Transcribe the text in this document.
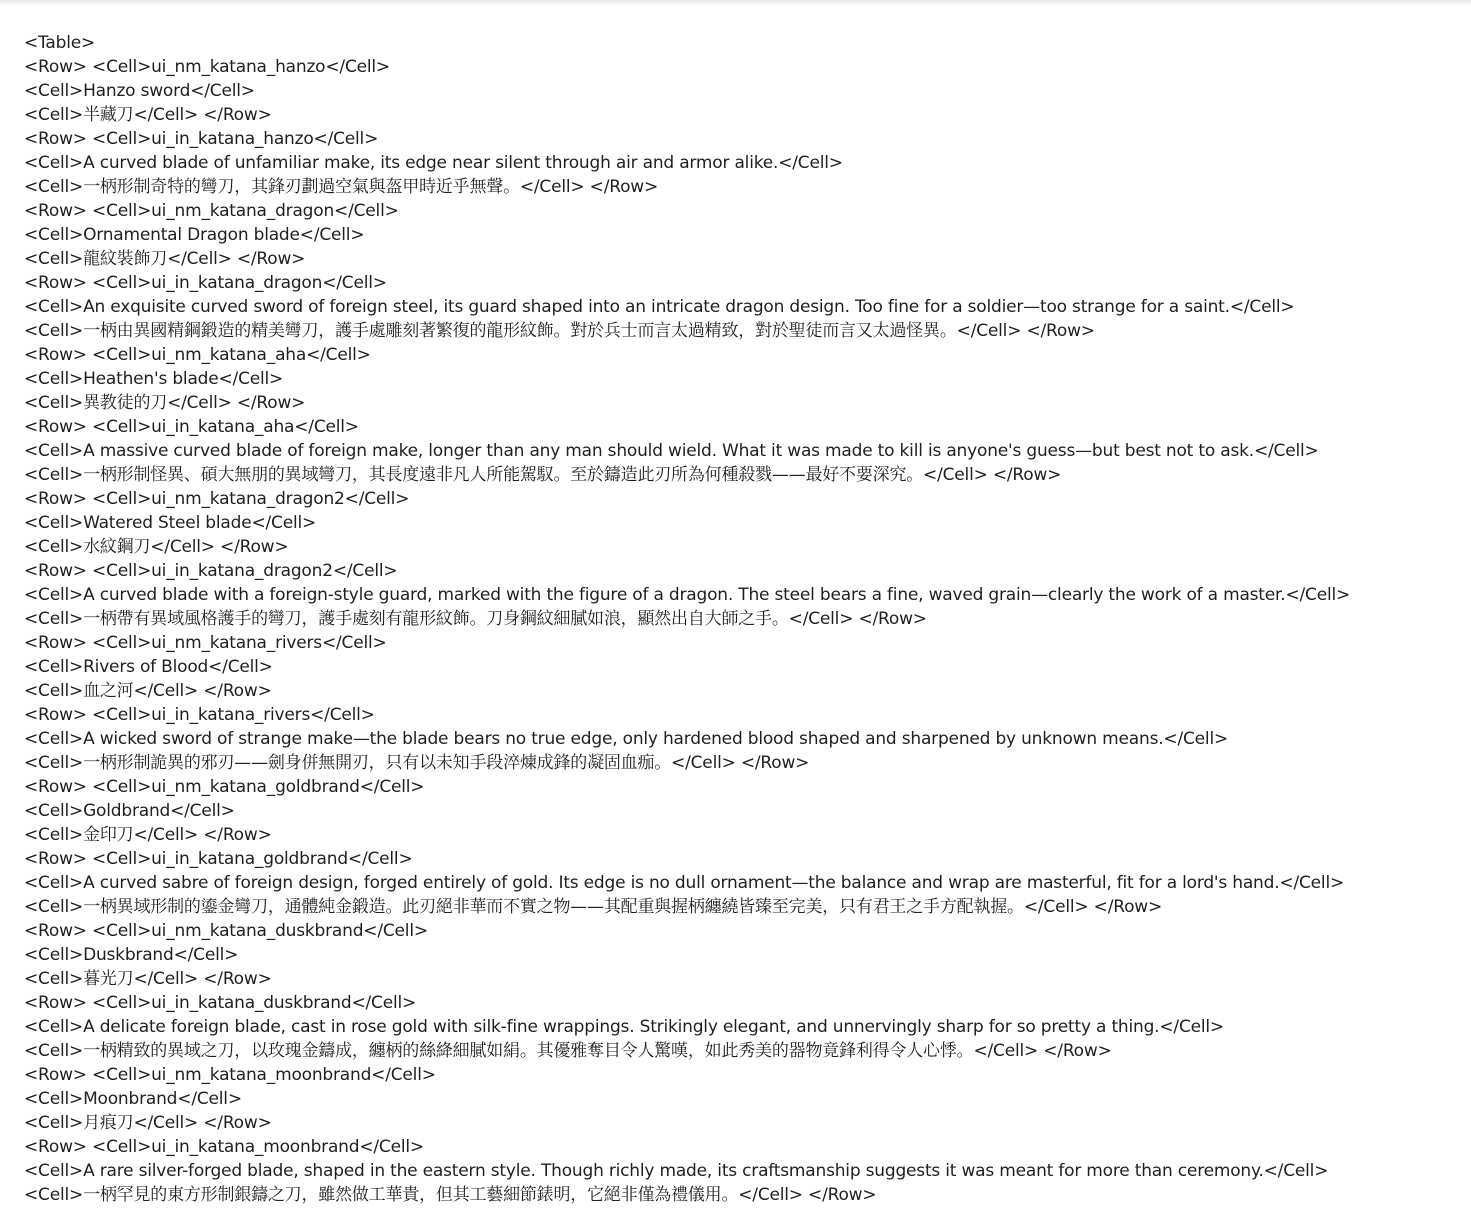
<Table>
<Row> <Cell>ui_nm_katana_hanzo</Cell>
<Cell>Hanzo sword</Cell>
<Cell>半藏刀</Cell> </Row>
<Row> <Cell>ui_in_katana_hanzo</Cell>
<Cell>A curved blade of unfamiliar make, its edge near silent through air and armor alike.</Cell>
<Cell>一柄形制奇特的彎刀，其鋒刃劃過空氣與盔甲時近乎無聲。</Cell> </Row>
<Row> <Cell>ui_nm_katana_dragon</Cell>
<Cell>Ornamental Dragon blade</Cell>
<Cell>龍紋裝飾刀</Cell> </Row>
<Row> <Cell>ui_in_katana_dragon</Cell>
<Cell>An exquisite curved sword of foreign steel, its guard shaped into an intricate dragon design. Too fine for a soldier—too strange for a saint.</Cell>
<Cell>一柄由異國精鋼鍛造的精美彎刀，護手處雕刻著繁復的龍形紋飾。對於兵士而言太過精致，對於聖徒而言又太過怪異。</Cell> </Row>
<Row> <Cell>ui_nm_katana_aha</Cell>
<Cell>Heathen's blade</Cell>
<Cell>異教徒的刀</Cell> </Row>
<Row> <Cell>ui_in_katana_aha</Cell>
<Cell>A massive curved blade of foreign make, longer than any man should wield. What it was made to kill is anyone's guess—but best not to ask.</Cell>
<Cell>一柄形制怪異、碩大無朋的異域彎刀，其長度遠非凡人所能駕馭。至於鑄造此刃所為何種殺戮——最好不要深究。</Cell> </Row>
<Row> <Cell>ui_nm_katana_dragon2</Cell>
<Cell>Watered Steel blade</Cell>
<Cell>水紋鋼刀</Cell> </Row>
<Row> <Cell>ui_in_katana_dragon2</Cell>
<Cell>A curved blade with a foreign-style guard, marked with the figure of a dragon. The steel bears a fine, waved grain—clearly the work of a master.</Cell>
<Cell>一柄帶有異域風格護手的彎刀，護手處刻有龍形紋飾。刀身鋼紋細膩如浪，顯然出自大師之手。</Cell> </Row>
<Row> <Cell>ui_nm_katana_rivers</Cell>
<Cell>Rivers of Blood</Cell>
<Cell>血之河</Cell> </Row>
<Row> <Cell>ui_in_katana_rivers</Cell>
<Cell>A wicked sword of strange make—the blade bears no true edge, only hardened blood shaped and sharpened by unknown means.</Cell>
<Cell>一柄形制詭異的邪刃——劍身併無開刃，只有以未知手段淬煉成鋒的凝固血痂。</Cell> </Row>
<Row> <Cell>ui_nm_katana_goldbrand</Cell>
<Cell>Goldbrand</Cell>
<Cell>金印刀</Cell> </Row>
<Row> <Cell>ui_in_katana_goldbrand</Cell>
<Cell>A curved sabre of foreign design, forged entirely of gold. Its edge is no dull ornament—the balance and wrap are masterful, fit for a lord's hand.</Cell>
<Cell>一柄異域形制的鎏金彎刀，通體純金鍛造。此刃絕非華而不實之物——其配重與握柄纏繞皆臻至完美，只有君王之手方配執握。</Cell> </Row>
<Row> <Cell>ui_nm_katana_duskbrand</Cell>
<Cell>Duskbrand</Cell>
<Cell>暮光刀</Cell> </Row>
<Row> <Cell>ui_in_katana_duskbrand</Cell>
<Cell>A delicate foreign blade, cast in rose gold with silk-fine wrappings. Strikingly elegant, and unnervingly sharp for so pretty a thing.</Cell>
<Cell>一柄精致的異域之刀，以玫瑰金鑄成，纏柄的絲絳細膩如絹。其優雅奪目令人驚嘆，如此秀美的器物竟鋒利得令人心悸。</Cell> </Row>
<Row> <Cell>ui_nm_katana_moonbrand</Cell>
<Cell>Moonbrand</Cell>
<Cell>月痕刀</Cell> </Row>
<Row> <Cell>ui_in_katana_moonbrand</Cell>
<Cell>A rare silver-forged blade, shaped in the eastern style. Though richly made, its craftsmanship suggests it was meant for more than ceremony.</Cell>
<Cell>一柄罕見的東方形制銀鑄之刀，雖然做工華貴，但其工藝細節錶明，它絕非僅為禮儀用。</Cell> </Row>
